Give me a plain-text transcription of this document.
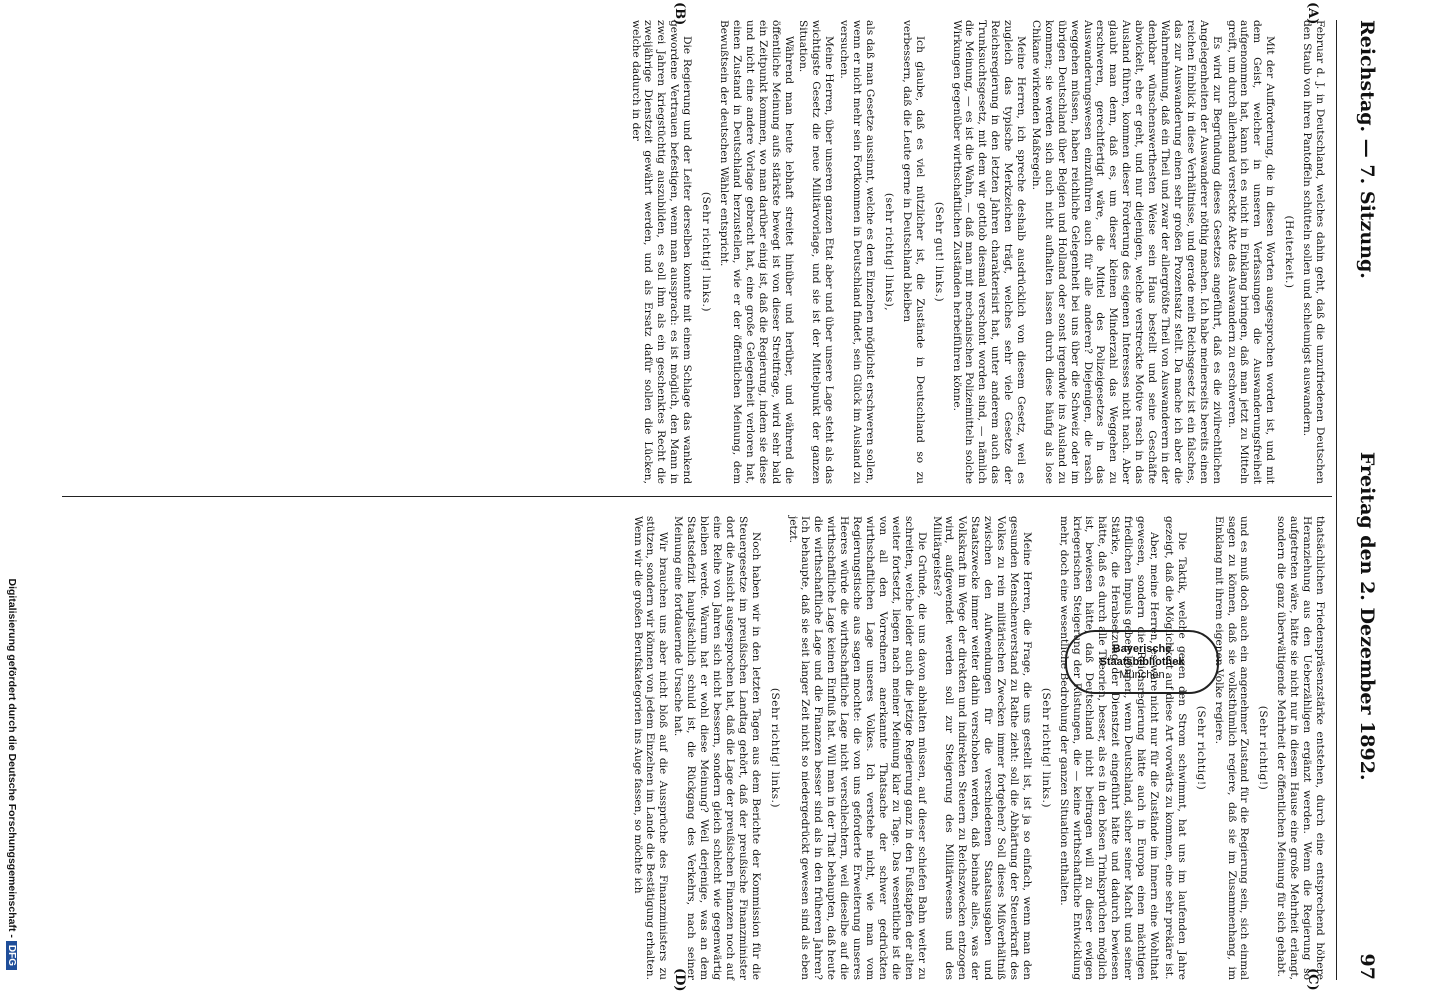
Reichstag. — 7. Sitzung.
Freitag den 2. Dezember 1892.
97
(A)
(B)
(C)
(D)

Februar d. J. in Deutschland, welches dahin geht, daß die unzufriedenen Deutschen den Staub von ihren Pantoffeln schütteln sollen und schleunigst auswandern.

(Heiterkeit.)

Mit der Aufforderung, die in diesen Worten ausgesprochen worden ist, und mit dem Geist, welcher in unseren Verfassungen die Auswanderungsfreiheit aufgenommen hat, kann ich es nicht in Einklang bringen, daß man jetzt zu Mitteln greift, um durch allerhand versteckte Akte das Auswandern zu erschweren.

Es wird zur Begründung dieses Gesetzes angeführt, daß es die zivilrechtlichen Angelegenheiten der Auswanderer nöthig machen. Ich habe meinerseits bereits einen reichen Einblick in diese Verhältnisse, und gerade mein Reichsgesetz ist ein falsches, das zur Auswanderung einen sehr großen Prozentsatz stellt. Da mache ich aber die Wahrnehmung, daß ein Theil und zwar der allergrößte Theil von Auswanderern in der denkbar wünschenswerthesten Weise sein Haus bestellt und seine Geschäfte abwickelt, ehe er geht, und nur diejenigen, welche verstreckte Motive rasch in das Ausland führen, kommen dieser Forderung des eigenen Interesses nicht nach. Aber glaubt man denn, daß es, um dieser kleinen Minderzahl das Weggehen zu erschweren, gerechtfertigt wäre, die Mittel des Polizeigesetzes in das Auswanderungswesen einzuführen auch für alle anderen? Diejenigen, die rasch weggehen müssen, haben reichliche Gelegenheit bei uns über die Schweiz oder im übrigen Deutschland über Belgien und Holland oder sonst irgendwie ins Ausland zu kommen; sie werden sich auch nicht aufhalten lassen durch diese häufig als lose Chikane wirkenden Maßregeln.

Meine Herren, ich spreche deshalb ausdrücklich von diesem Gesetz, weil es zugleich das typische Merkzeichen trägt, welches sehr viele Gesetze der Reichsregierung in den letzten Jahren charakterisirt hat, unter anderem auch das Trunksuchtsgesetz, mit dem wir gottlob diesmal verschont worden sind, — nämlich die Meinung, — es ist die Wahn, — daß man mit mechanischen Polizeimitteln solche Wirkungen gegenüber wirthschaftlichen Zuständen herbeiführen könne.

(Sehr gut! links.)

Ich glaube, daß es viel nützlicher ist, die Zustände in Deutschland so zu verbessern, daß die Leute gerne in Deutschland bleiben

(sehr richtig! links),

als daß man Gesetze aussinnt, welche es dem Einzelnen möglichst erschweren sollen, wenn er nicht mehr sein Fortkommen in Deutschland findet, sein Glück im Ausland zu versuchen.

Meine Herren, über unseren ganzen Etat aber und über unsere Lage steht als das wichtigste Gesetz die neue Militärvorlage, und sie ist der Mittelpunkt der ganzen Situation.

Während man heute lebhaft streitet hinüber und herüber, und während die öffentliche Meinung aufs stärkste bewegt ist von dieser Streitfrage, wird sehr bald ein Zeitpunkt kommen, wo man darüber einig ist, daß die Regierung, indem sie diese und nicht eine andere Vorlage gebracht hat, eine große Gelegenheit verloren hat, einen Zustand in Deutschland herzustellen, wie er der öffentlichen Meinung, dem Bewußtsein der deutschen Wähler entspricht.

(Sehr richtig! links.)

Die Regierung und der Leiter derselben konnte mit einem Schlage das wankend gewordene Vertrauen befestigen, wenn man aussprach: es ist möglich, den Mann in zwei Jahren kriegstüchtig auszubilden, es soll ihm als ein geschenktes Recht die zweijährige Dienstzeit gewährt werden, und als Ersatz dafür sollen die Lücken, welche dadurch in der

thatsächlichen Friedenspräsenzstärke entstehen, durch eine entsprechend höhere Heranziehung aus den Ueberzähligen ergänzt werden. Wenn die Regierung so aufgetreten wäre, hätte sie nicht nur in diesem Hause eine große Mehrheit erlangt, sondern die ganz überwältigende Mehrheit der öffentlichen Meinung für sich gehabt.

(Sehr richtig!)

und es muß doch auch ein angenehmer Zustand für die Regierung sein, sich einmal sagen zu können, daß sie volksthümlich regiere, daß sie im Zusammenhang, im Einklang mit ihrem eigenen Volke regiere.

(Sehr richtig!)

Die Taktik, welche gegen den Strom schwimmt, hat uns im laufenden Jahre gezeigt, daß die Möglichkeit auf diese Art vorwärts zu kommen, eine sehr prekäre ist.

Aber, meine Herren, es wäre nicht nur für die Zustände im Innern eine Wohlthat gewesen, sondern die Reichsregierung hätte auch in Europa einen mächtigen friedlichen Impuls geben können, wenn Deutschland, sicher seiner Macht und seiner Stärke, die Herabsetzung der Dienstzeit eingeführt hätte und dadurch bewiesen hätte, daß es durch alle Theorien, besser, als es in den bösen Trinksprüchen möglich ist, bewiesen hätte, daß Deutschland nicht beitragen will zu dieser ewigen kriegerischen Steigerung der Rüstungen, die — keine wirthschaftliche Entwicklung mehr, doch eine wesentliche Bedrohung der ganzen Situation enthalten.

(Sehr richtig! links.)

Meine Herren, die Frage, die uns gestellt ist, ist ja so einfach, wenn man den gesunden Menschenverstand zu Rathe zieht: soll die Abhärtung der Steuerkraft des Volkes zu rein militärischen Zwecken immer fortgehen? Soll dieses Mißverhältniß zwischen den Aufwendungen für die verschiedenen Staatsausgaben und Staatszwecke immer weiter dahin verschoben werden, daß beinahe alles, was der Volkskraft im Wege der direkten und indirekten Steuern zu Reichszwecken entzogen wird, aufgewendet werden soll zur Steigerung des Militärwesens und des Militärgeistes?

Die Gründe, die uns davon abhalten müssen, auf dieser schiefen Bahn weiter zu schreiten, welche leider auch die jetzige Regierung ganz in den Fußstapfen der alten weiter fortsetzt, liegen nach meiner Meinung klar zu Tage. Das wesentliche ist die von all den Vorrednern anerkannte Thatsache der schwer gedrückten wirthschaftlichen Lage unseres Volkes. Ich verstehe nicht, wie man vom Regierungstische aus sagen mochte: die von uns geforderte Erweiterung unseres Heeres würde die wirthschaftliche Lage nicht verschlechtern, weil dieselbe auf die wirthschaftliche Lage keinen Einfluß hat. Will man in der That behaupten, daß heute die wirthschaftliche Lage und die Finanzen besser sind als in den früheren Jahren? Ich behaupte, daß sie seit langer Zeit nicht so niedergedrückt gewesen sind als eben jetzt.

(Sehr richtig! links.)

Noch haben wir in den letzten Tagen aus dem Berichte der Kommission für die Steuergesetze im preußischen Landtag gehört, daß der preußische Finanzminister dort die Ansicht ausgesprochen hat, daß die Lage der preußischen Finanzen noch auf eine Reihe von Jahren sich nicht bessern, sondern gleich schlecht wie gegenwärtig bleiben werde. Warum hat er wohl diese Meinung? Weil derjenige, was an dem Staatsdefizit hauptsächlich schuld ist, die Rückgang des Verkehrs, nach seiner Meinung eine fortdauernde Ursache hat.

Wir brauchen uns aber nicht bloß auf die Aussprüche des Finanzministers zu stützen, sondern wir können von jedem Einzelnen im Lande die Bestätigung erhalten. Wenn wir die großen Berufskategorien ins Auge fassen, so möchte ich	Bayerische
Staatsbibliothek
München
Digitalisierung gefördert durch die Deutsche Forschungsgemeinschaft -DFG
